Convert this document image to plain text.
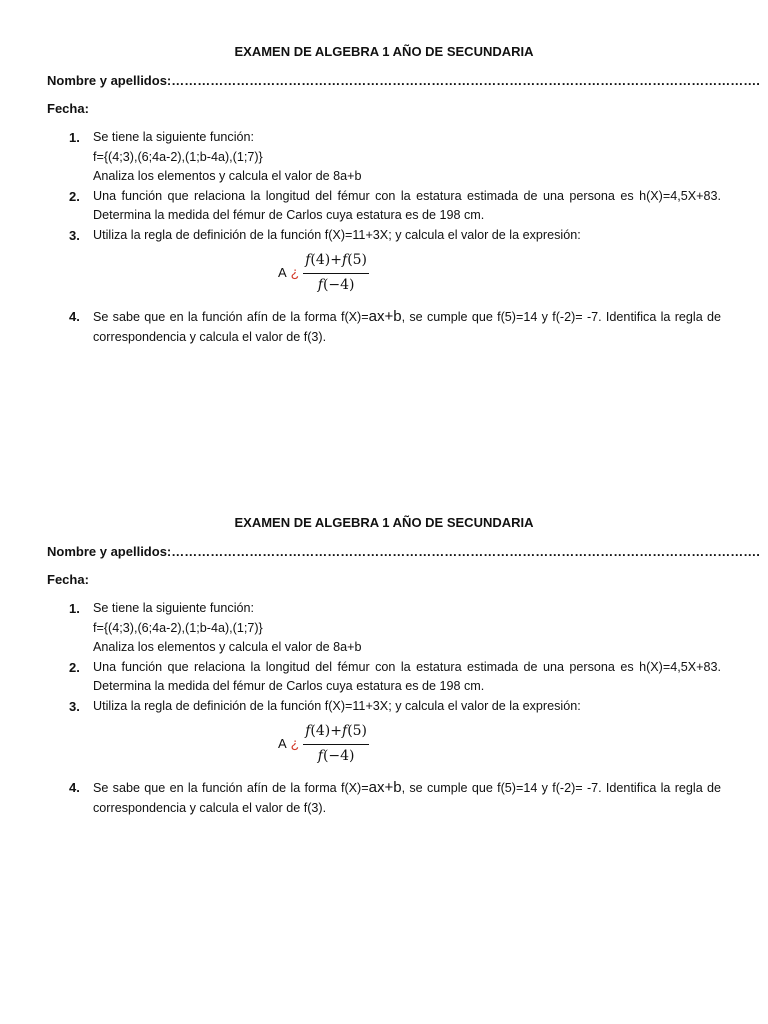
EXAMEN DE ALGEBRA 1 AÑO DE SECUNDARIA
Nombre y apellidos:……………………………………………………………………………………………………………………….
Fecha:
1. Se tiene la siguiente función:
f={(4;3),(6;4a-2),(1;b-4a),(1;7)}
Analiza los elementos y calcula el valor de 8a+b
2. Una función que relaciona la longitud del fémur con la estatura estimada de una persona es h(X)=4,5X+83. Determina la medida del fémur de Carlos cuya estatura es de 198 cm.
3. Utiliza la regla de definición de la función f(X)=11+3X; y calcula el valor de la expresión:
A ¿ $\frac{f(4)+f(5)}{f(-4)}$
4. Se sabe que en la función afín de la forma f(X)=ax+b, se cumple que f(5)=14 y f(-2)= -7. Identifica la regla de correspondencia y calcula el valor de f(3).
EXAMEN DE ALGEBRA 1 AÑO DE SECUNDARIA
Nombre y apellidos:……………………………………………………………………………………………………………………….
Fecha:
1. Se tiene la siguiente función:
f={(4;3),(6;4a-2),(1;b-4a),(1;7)}
Analiza los elementos y calcula el valor de 8a+b
2. Una función que relaciona la longitud del fémur con la estatura estimada de una persona es h(X)=4,5X+83. Determina la medida del fémur de Carlos cuya estatura es de 198 cm.
3. Utiliza la regla de definición de la función f(X)=11+3X; y calcula el valor de la expresión:
A ¿ $\frac{f(4)+f(5)}{f(-4)}$
4. Se sabe que en la función afín de la forma f(X)=ax+b, se cumple que f(5)=14 y f(-2)= -7. Identifica la regla de correspondencia y calcula el valor de f(3).
